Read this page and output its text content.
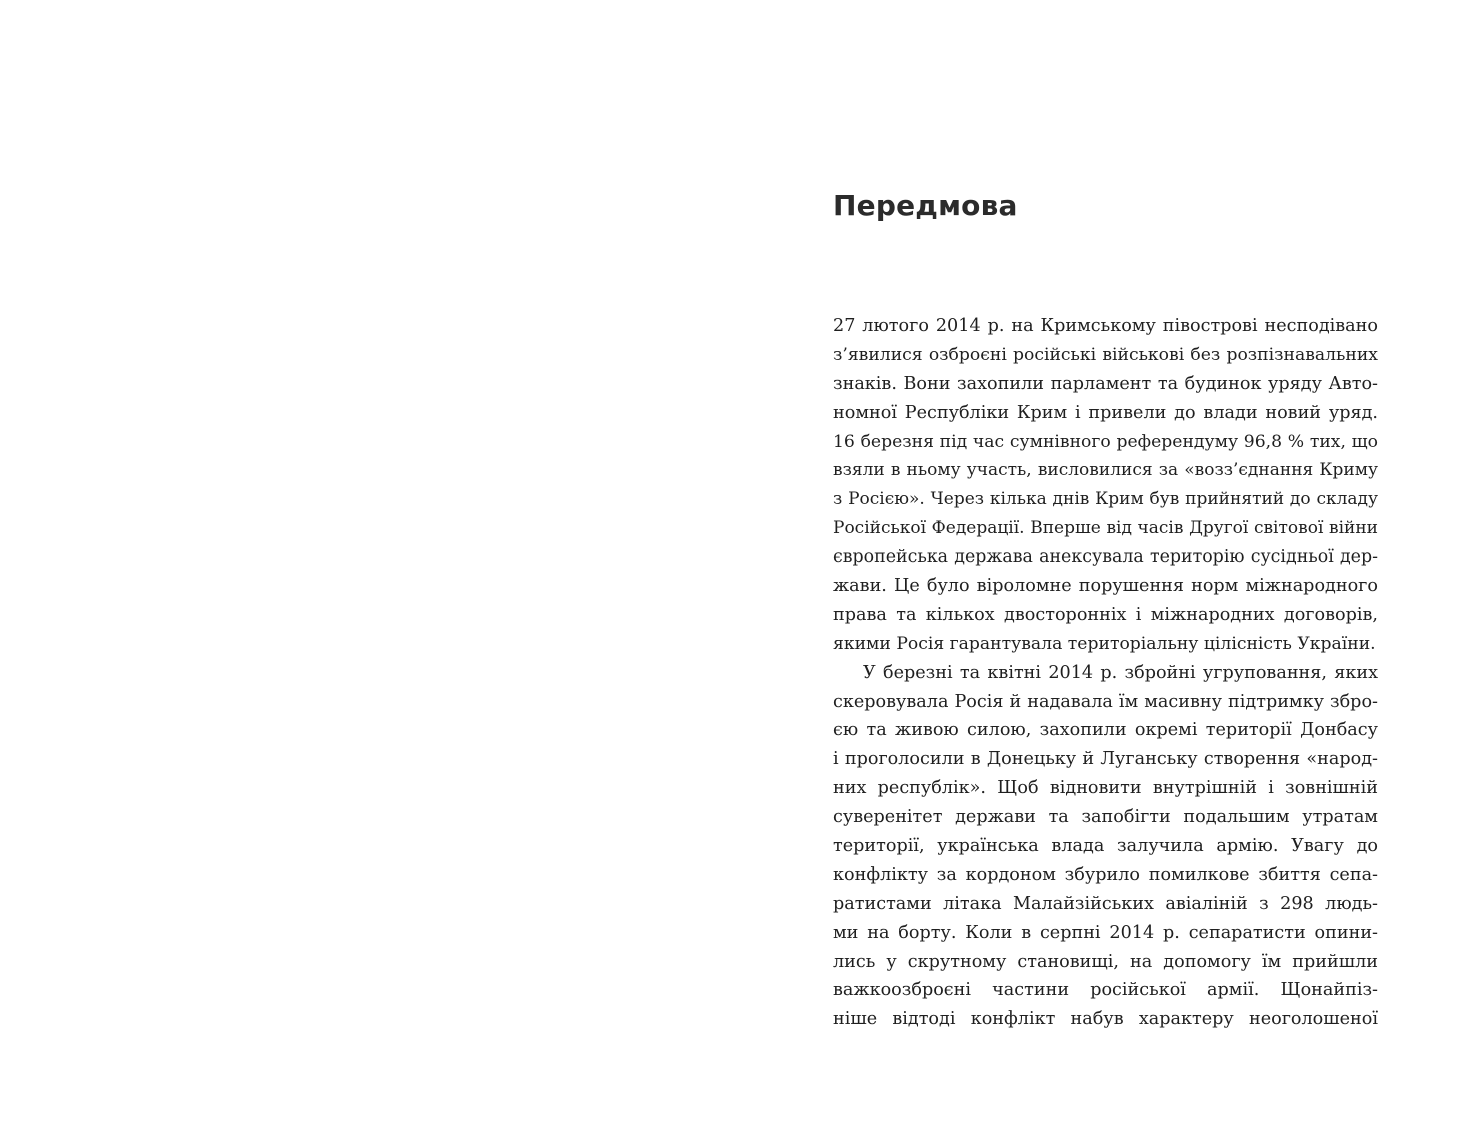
Передмова
27 лютого 2014 р. на Кримському півострові несподівано
з’явилися озброєні російські військові без розпізнавальних
знаків. Вони захопили парламент та будинок уряду Авто-
номної Республіки Крим і привели до влади новий уряд.
16 березня під час сумнівного референдуму 96,8 % тих, що
взяли в ньому участь, висловилися за «возз’єднання Криму
з Росією». Через кілька днів Крим був прийнятий до складу
Російської Федерації. Вперше від часів Другої світової війни
європейська держава анексувала територію сусідньої дер-
жави. Це було віроломне порушення норм міжнародного
права та кількох двосторонніх і міжнародних договорів,
якими Росія гарантувала територіальну цілісність України.
У березні та квітні 2014 р. збройні угруповання, яких
скеровувала Росія й надавала їм масивну підтримку збро-
єю та живою силою, захопили окремі території Донбасу
і проголосили в Донецьку й Луганську створення «народ-
них республік». Щоб відновити внутрішній і зовнішній
суверенітет держави та запобігти подальшим утратам
території, українська влада залучила армію. Увагу до
конфлікту за кордоном збурило помилкове збиття сепа-
ратистами літака Малайзійських авіаліній з 298 людь-
ми на борту. Коли в серпні 2014 р. сепаратисти опини-
лись у скрутному становищі, на допомогу їм прийшли
важкоозброєні частини російської армії. Щонайпіз-
ніше відтоді конфлікт набув характеру неоголошеної
